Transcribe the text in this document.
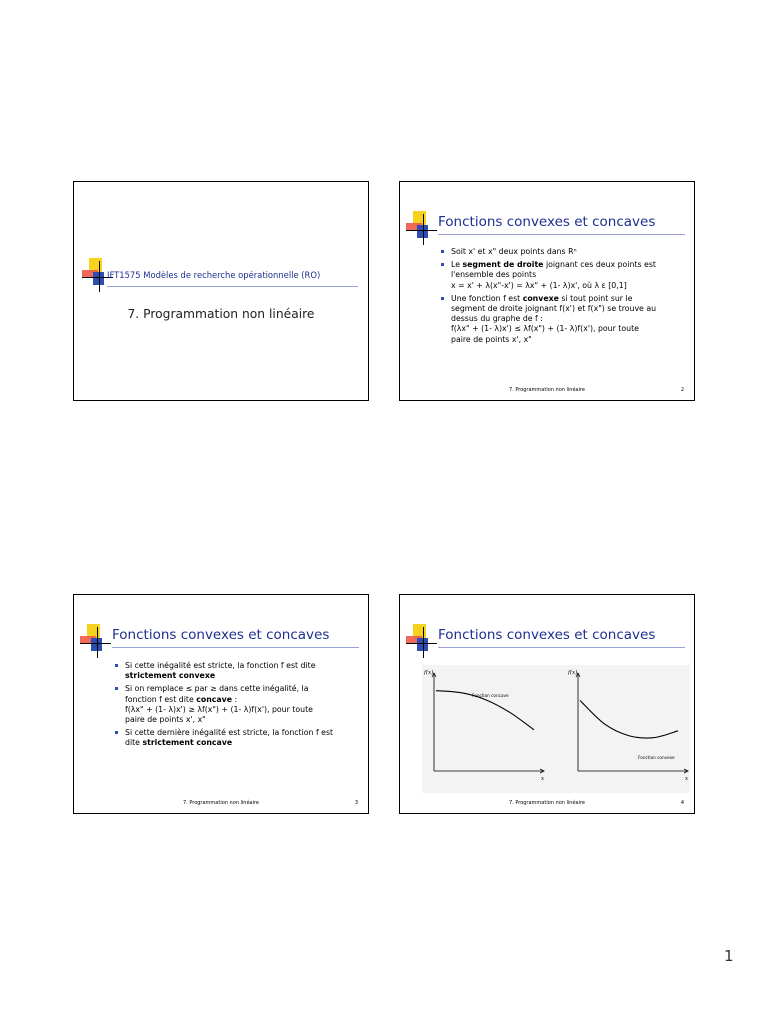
IFT1575 Modèles de recherche opérationnelle (RO)
7. Programmation non linéaire
Fonctions convexes et concaves
Soit x' et x" deux points dans Rⁿ
Le segment de droite joignant ces deux points est
l'ensemble des points
x = x' + λ(x"-x') = λx" + (1- λ)x', où λ ε [0,1]
Une fonction f est convexe si tout point sur le
segment de droite joignant f(x') et f(x") se trouve au
dessus du graphe de f :
f(λx" + (1- λ)x') ≤ λf(x") + (1- λ)f(x'), pour toute
paire de points x', x"
7. Programmation non linéaire	2
Fonctions convexes et concaves
Si cette inégalité est stricte, la fonction f est dite
strictement convexe
Si on remplace ≤ par ≥ dans cette inégalité, la
fonction f est dite concave :
f(λx" + (1- λ)x') ≥ λf(x") + (1- λ)f(x'), pour toute
paire de points x', x"
Si cette dernière inégalité est stricte, la fonction f est
dite strictement concave
7. Programmation non linéaire	3
Fonctions convexes et concaves
f(x)
x
Fonction concave
f(x)
x
Fonction convexe
7. Programmation non linéaire	4
1
